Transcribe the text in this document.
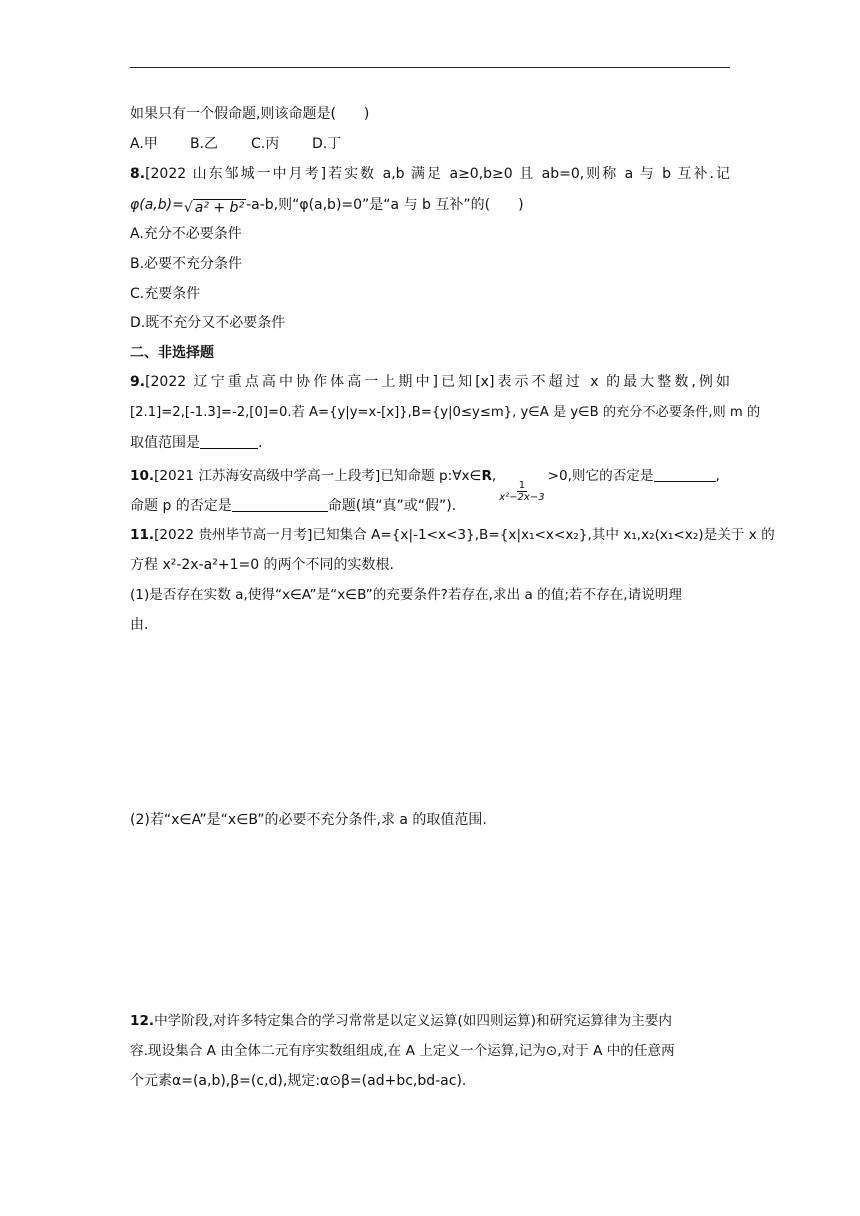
如果只有一个假命题,则该命题是(　　)
A.甲 B.乙 C.丙 D.丁
8.[2022 山东邹城一中月考]若实数 a,b 满足 a≥0,b≥0 且 ab=0,则称 a 与 b 互补.记
φ(a,b)=√ a² + b² -a-b,则“φ(a,b)=0”是“a 与 b 互补”的(　　)
A.充分不必要条件
B.必要不充分条件
C.充要条件
D.既不充分又不必要条件
二、非选择题
9.[2022 辽宁重点高中协作体高一上期中]已知[x]表示不超过 x 的最大整数,例如
[2.1]=2,[-1.3]=-2,[0]=0.若 A={y|y=x-[x]},B={y|0≤y≤m}, y∈A 是 y∈B 的充分不必要条件,则 m 的
取值范围是	.
10.[2021 江苏海安高级中学高一上段考]已知命题 p:∀x∈R,
$\frac{1}{\text{x²−2x−3}}$
>0,则它的否定是	,
命题 p 的否定是	命题(填“真”或“假”).
11.[2022 贵州毕节高一月考]已知集合 A={x|-1<x<3},B={x|x₁<x<x₂},其中 x₁,x₂(x₁<x₂)是关于 x 的
方程 x²-2x-a²+1=0 的两个不同的实数根.
(1)是否存在实数 a,使得“x∈A”是“x∈B”的充要条件?若存在,求出 a 的值;若不存在,请说明理
由.
(2)若“x∈A”是“x∈B”的必要不充分条件,求 a 的取值范围.
12.中学阶段,对许多特定集合的学习常常是以定义运算(如四则运算)和研究运算律为主要内
容.现设集合 A 由全体二元有序实数组组成,在 A 上定义一个运算,记为⊙,对于 A 中的任意两
个元素α=(a,b),β=(c,d),规定:α⊙β=(ad+bc,bd-ac).
